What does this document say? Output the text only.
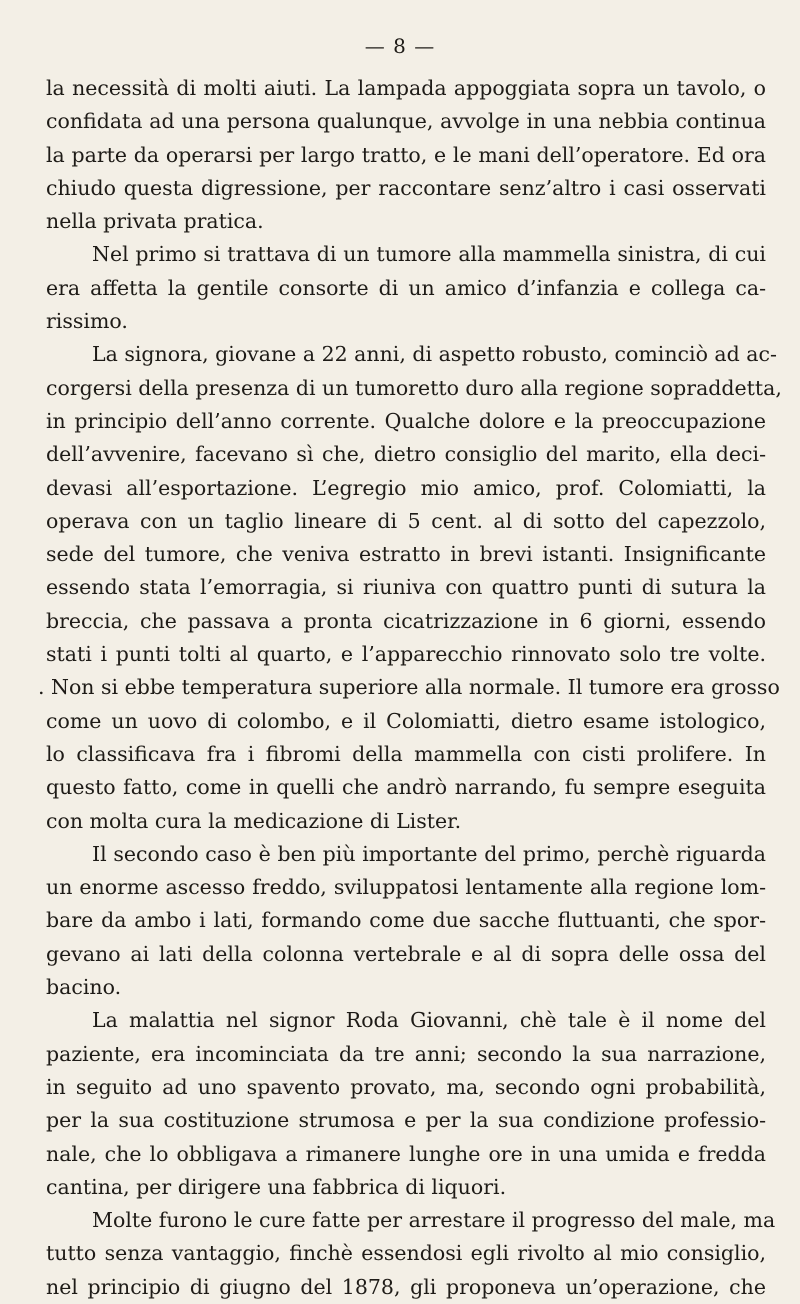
— 8 —
la necessità di molti aiuti. La lampada appoggiata sopra un tavolo, o
confidata ad una persona qualunque, avvolge in una nebbia continua
la parte da operarsi per largo tratto, e le mani dell’operatore. Ed ora
chiudo questa digressione, per raccontare senz’altro i casi osservati
nella privata pratica.
Nel primo si trattava di un tumore alla mammella sinistra, di cui
era affetta la gentile consorte di un amico d’infanzia e collega ca-
rissimo.
La signora, giovane a 22 anni, di aspetto robusto, cominciò ad ac-
corgersi della presenza di un tumoretto duro alla regione sopraddetta,
in principio dell’anno corrente. Qualche dolore e la preoccupazione
dell’avvenire, facevano sì che, dietro consiglio del marito, ella deci-
devasi all’esportazione. L’egregio mio amico, prof. Colomiatti, la
operava con un taglio lineare di 5 cent. al di sotto del capezzolo,
sede del tumore, che veniva estratto in brevi istanti. Insignificante
essendo stata l’emorragia, si riuniva con quattro punti di sutura la
breccia, che passava a pronta cicatrizzazione in 6 giorni, essendo
stati i punti tolti al quarto, e l’apparecchio rinnovato solo tre volte.
. Non si ebbe temperatura superiore alla normale. Il tumore era grosso
come un uovo di colombo, e il Colomiatti, dietro esame istologico,
lo classificava fra i fibromi della mammella con cisti prolifere. In
questo fatto, come in quelli che andrò narrando, fu sempre eseguita
con molta cura la medicazione di Lister.
Il secondo caso è ben più importante del primo, perchè riguarda
un enorme ascesso freddo, sviluppatosi lentamente alla regione lom-
bare da ambo i lati, formando come due sacche fluttuanti, che spor-
gevano ai lati della colonna vertebrale e al di sopra delle ossa del
bacino.
La malattia nel signor Roda Giovanni, chè tale è il nome del
paziente, era incominciata da tre anni; secondo la sua narrazione,
in seguito ad uno spavento provato, ma, secondo ogni probabilità,
per la sua costituzione strumosa e per la sua condizione professio-
nale, che lo obbligava a rimanere lunghe ore in una umida e fredda
cantina, per dirigere una fabbrica di liquori.
Molte furono le cure fatte per arrestare il progresso del male, ma
tutto senza vantaggio, finchè essendosi egli rivolto al mio consiglio,
nel principio di giugno del 1878, gli proponeva un’operazione, che
